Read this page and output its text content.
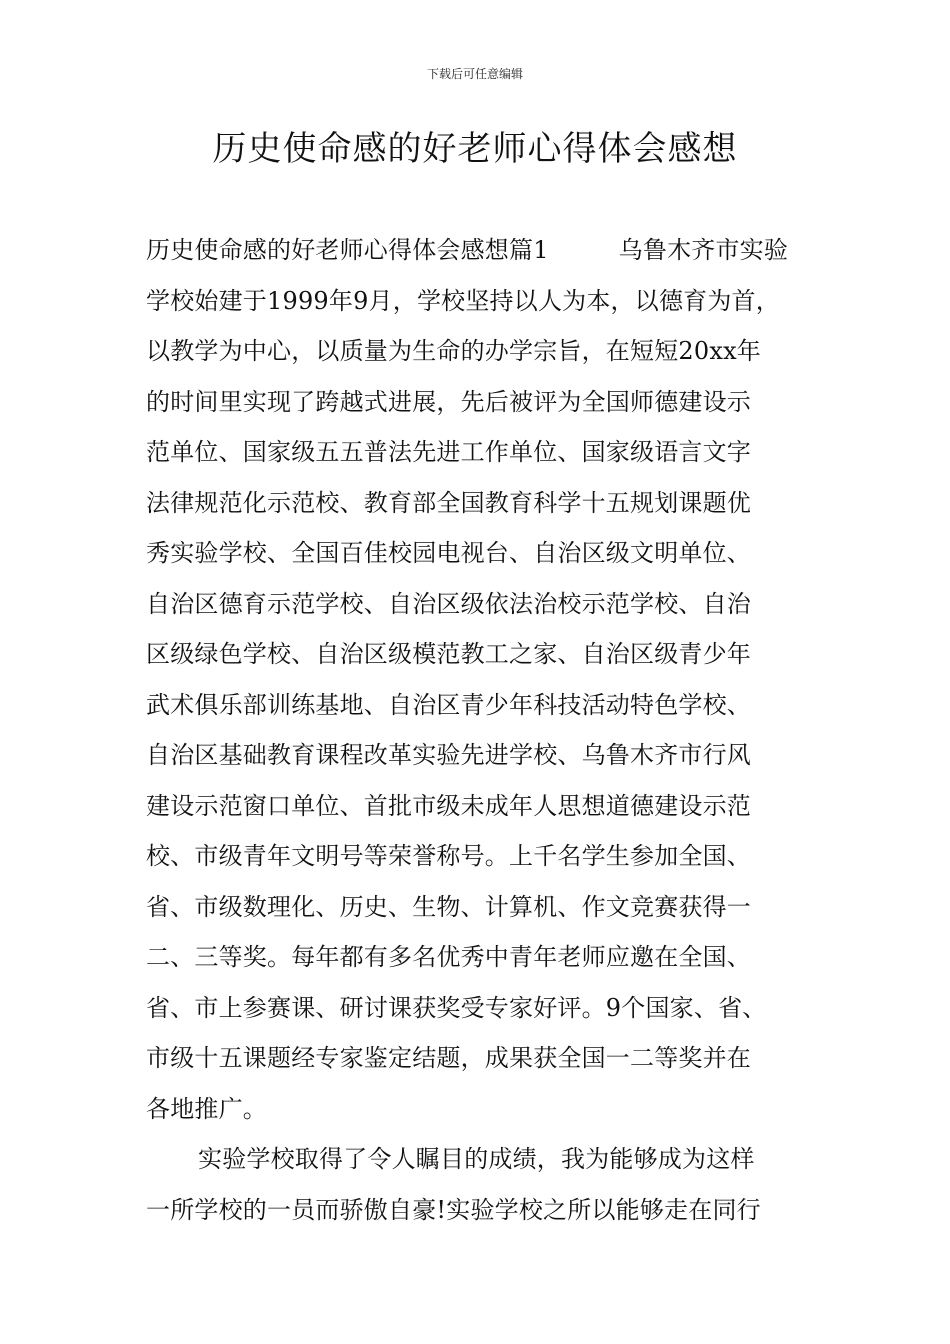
下载后可任意编辑
历史使命感的好老师心得体会感想
历史使命感的好老师心得体会感想篇1	乌鲁木齐市实验
学校始建于1999年9月，学校坚持以人为本，以德育为首，
以教学为中心，以质量为生命的办学宗旨，在短短20xx年
的时间里实现了跨越式进展，先后被评为全国师德建设示
范单位、国家级五五普法先进工作单位、国家级语言文字
法律规范化示范校、教育部全国教育科学十五规划课题优
秀实验学校、全国百佳校园电视台、自治区级文明单位、
自治区德育示范学校、自治区级依法治校示范学校、自治
区级绿色学校、自治区级模范教工之家、自治区级青少年
武术俱乐部训练基地、自治区青少年科技活动特色学校、
自治区基础教育课程改革实验先进学校、乌鲁木齐市行风
建设示范窗口单位、首批市级未成年人思想道德建设示范
校、市级青年文明号等荣誉称号。上千名学生参加全国、
省、市级数理化、历史、生物、计算机、作文竞赛获得一
二、三等奖。每年都有多名优秀中青年老师应邀在全国、
省、市上参赛课、研讨课获奖受专家好评。9个国家、省、
市级十五课题经专家鉴定结题，成果获全国一二等奖并在
各地推广。
实验学校取得了令人瞩目的成绩，我为能够成为这样
一所学校的一员而骄傲自豪!实验学校之所以能够走在同行
